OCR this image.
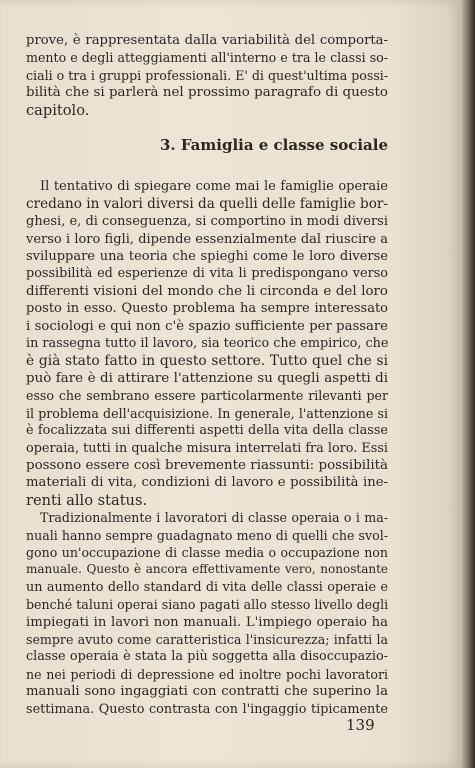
prove, è rappresentata dalla variabilità del comporta-
mento e degli atteggiamenti all'interno e tra le classi so-
ciali o tra i gruppi professionali. E' di quest'ultima possi-
bilità che si parlerà nel prossimo paragrafo di questo
capitolo.
3. Famiglia e classe sociale
Il tentativo di spiegare come mai le famiglie operaie
credano in valori diversi da quelli delle famiglie bor-
ghesi, e, di conseguenza, si comportino in modi diversi
verso i loro figli, dipende essenzialmente dal riuscire a
sviluppare una teoria che spieghi come le loro diverse
possibilità ed esperienze di vita li predispongano verso
differenti visioni del mondo che li circonda e del loro
posto in esso. Questo problema ha sempre interessato
i sociologi e qui non c'è spazio sufficiente per passare
in rassegna tutto il lavoro, sia teorico che empirico, che
è già stato fatto in questo settore. Tutto quel che si
può fare è di attirare l'attenzione su quegli aspetti di
esso che sembrano essere particolarmente rilevanti per
il problema dell'acquisizione. In generale, l'attenzione si
è focalizzata sui differenti aspetti della vita della classe
operaia, tutti in qualche misura interrelati fra loro. Essi
possono essere così brevemente riassunti: possibilità
materiali di vita, condizioni di lavoro e possibilità ine-
renti allo status.
Tradizionalmente i lavoratori di classe operaia o i ma-
nuali hanno sempre guadagnato meno di quelli che svol-
gono un'occupazione di classe media o occupazione non
manuale. Questo è ancora effettivamente vero, nonostante
un aumento dello standard di vita delle classi operaie e
benché taluni operai siano pagati allo stesso livello degli
impiegati in lavori non manuali. L'impiego operaio ha
sempre avuto come caratteristica l'insicurezza; infatti la
classe operaia è stata la più soggetta alla disoccupazio-
ne nei periodi di depressione ed inoltre pochi lavoratori
manuali sono ingaggiati con contratti che superino la
settimana. Questo contrasta con l'ingaggio tipicamente
139
